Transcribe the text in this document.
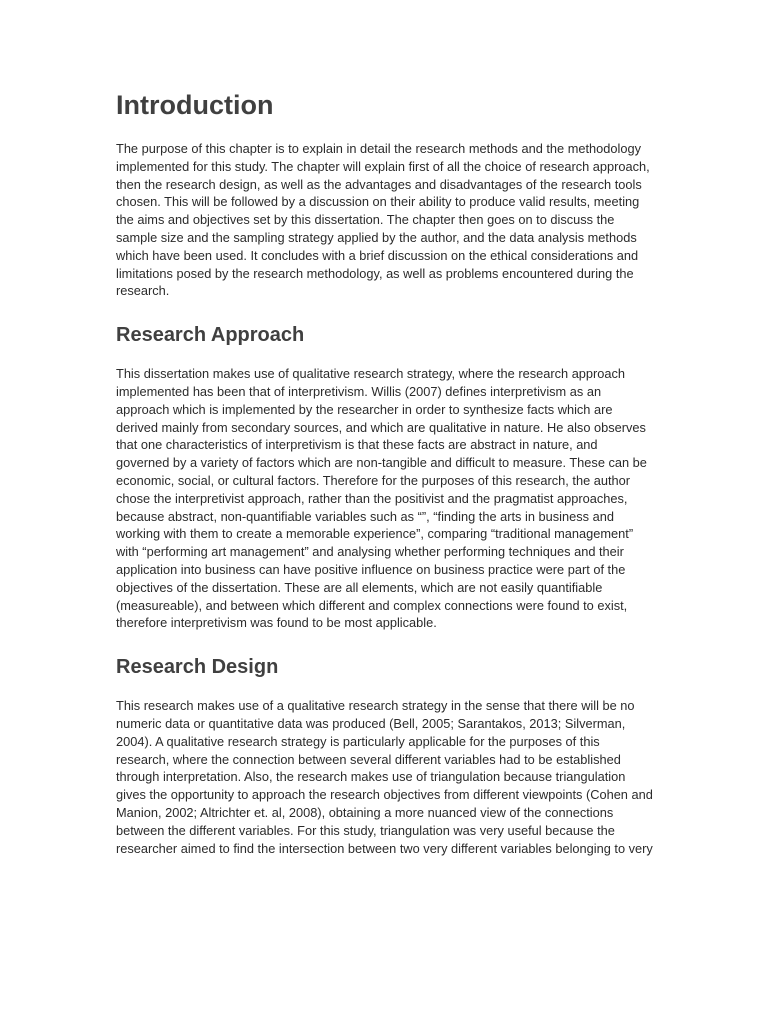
Introduction

The purpose of this chapter is to explain in detail the research methods and the methodology implemented for this study. The chapter will explain first of all the choice of research approach, then the research design, as well as the advantages and disadvantages of the research tools chosen. This will be followed by a discussion on their ability to produce valid results, meeting the aims and objectives set by this dissertation. The chapter then goes on to discuss the sample size and the sampling strategy applied by the author, and the data analysis methods which have been used. It concludes with a brief discussion on the ethical considerations and limitations posed by the research methodology, as well as problems encountered during the research.

Research Approach

This dissertation makes use of qualitative research strategy, where the research approach implemented has been that of interpretivism. Willis (2007) defines interpretivism as an approach which is implemented by the researcher in order to synthesize facts which are derived mainly from secondary sources, and which are qualitative in nature. He also observes that one characteristics of interpretivism is that these facts are abstract in nature, and governed by a variety of factors which are non-tangible and difficult to measure. These can be economic, social, or cultural factors. Therefore for the purposes of this research, the author chose the interpretivist approach, rather than the positivist and the pragmatist approaches, because abstract, non-quantifiable variables such as “”, “finding the arts in business and working with them to create a memorable experience”, comparing “traditional management” with “performing art management” and analysing whether performing techniques and their application into business can have positive influence on business practice were part of the objectives of the dissertation. These are all elements, which are not easily quantifiable (measureable), and between which different and complex connections were found to exist, therefore interpretivism was found to be most applicable.

Research Design

This research makes use of a qualitative research strategy in the sense that there will be no numeric data or quantitative data was produced (Bell, 2005; Sarantakos, 2013; Silverman, 2004). A qualitative research strategy is particularly applicable for the purposes of this research, where the connection between several different variables had to be established through interpretation. Also, the research makes use of triangulation because triangulation gives the opportunity to approach the research objectives from different viewpoints (Cohen and Manion, 2002; Altrichter et. al, 2008), obtaining a more nuanced view of the connections between the different variables. For this study, triangulation was very useful because the researcher aimed to find the intersection between two very different variables belonging to very
